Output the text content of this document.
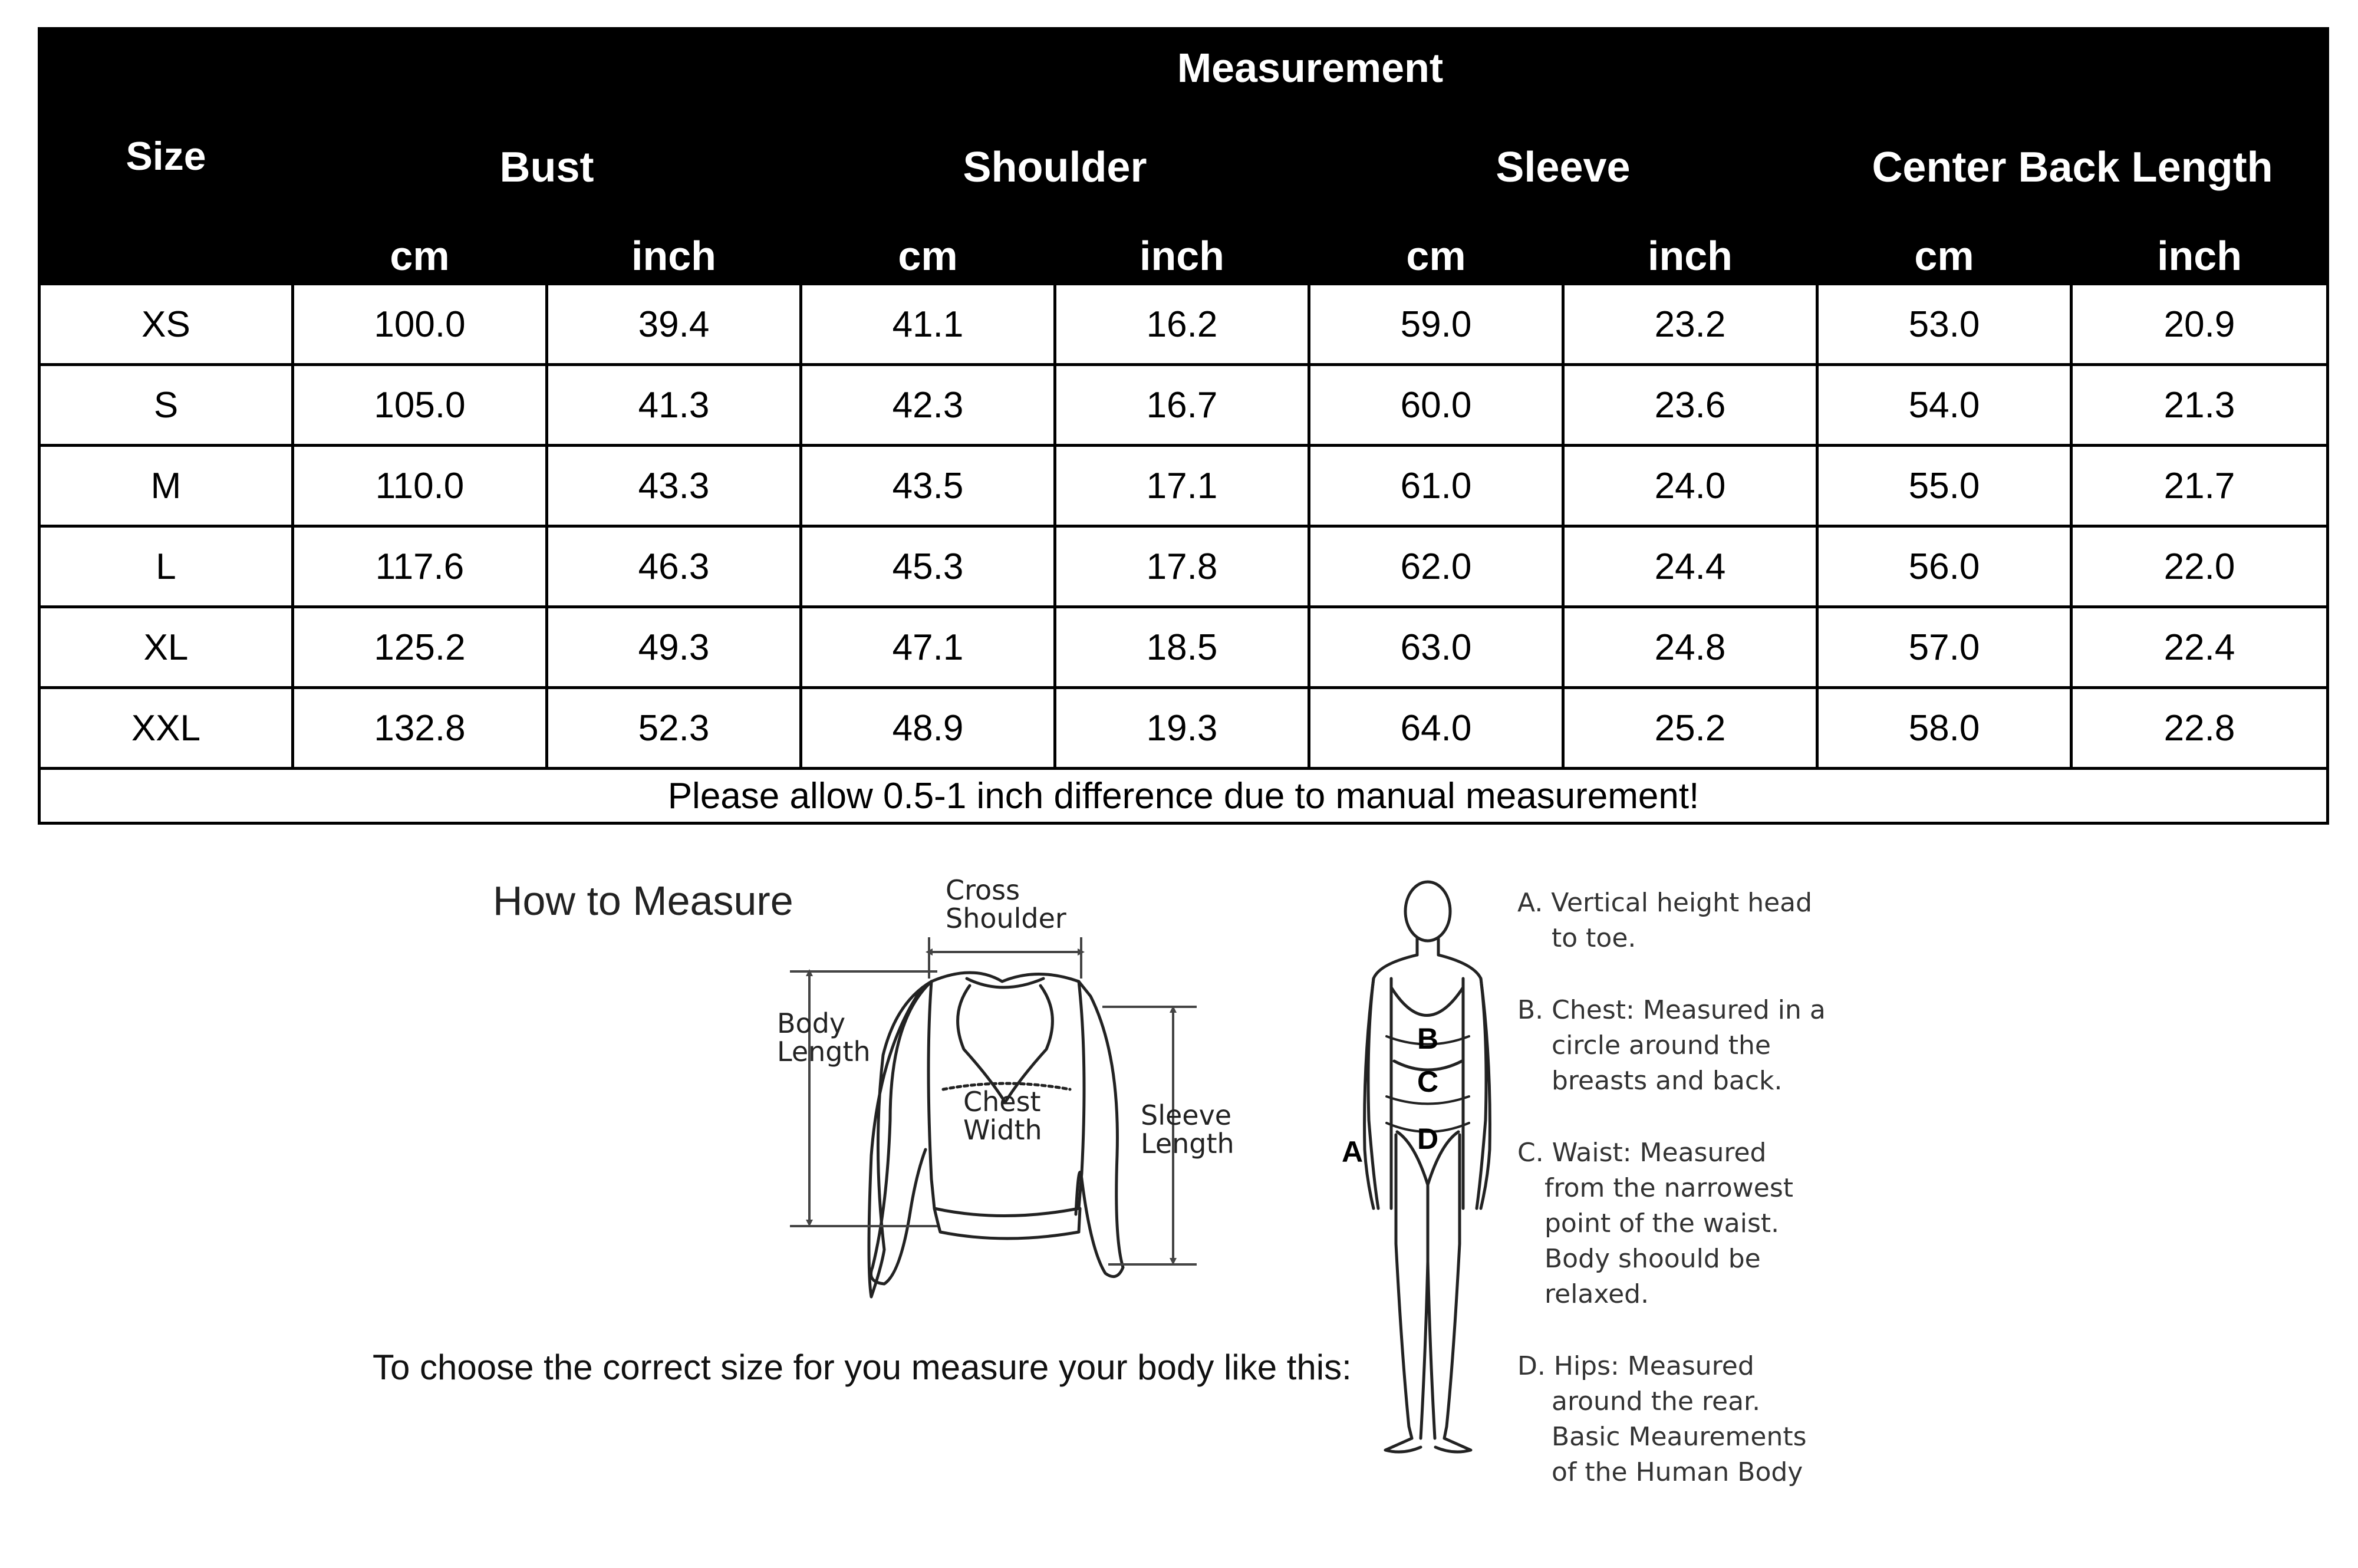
Size	Measurement							
	Bust		Shoulder		Sleeve		Center Back Length	
	cm	inch	cm	inch	cm	inch	cm	inch
XS	100.0	39.4	41.1	16.2	59.0	23.2	53.0	20.9
S	105.0	41.3	42.3	16.7	60.0	23.6	54.0	21.3
M	110.0	43.3	43.5	17.1	61.0	24.0	55.0	21.7
L	117.6	46.3	45.3	17.8	62.0	24.4	56.0	22.0
XL	125.2	49.3	47.1	18.5	63.0	24.8	57.0	22.4
XXL	132.8	52.3	48.9	19.3	64.0	25.2	58.0	22.8
Please allow 0.5-1 inch difference due to manual measurement!								
How to Measure
To choose the correct size for you measure your body like this:
Cross
Shoulder
Body
Length
Chest
Width	Sleeve
Length	A
B
C
D
A. Vertical height head
to toe.
B. Chest: Measured in a
circle around the
breasts and back.
C. Waist: Measured
from the narrowest
point of the waist.
Body shoould be
relaxed.
D. Hips: Measured
around the rear.
Basic Meaurements
of the Human Body
